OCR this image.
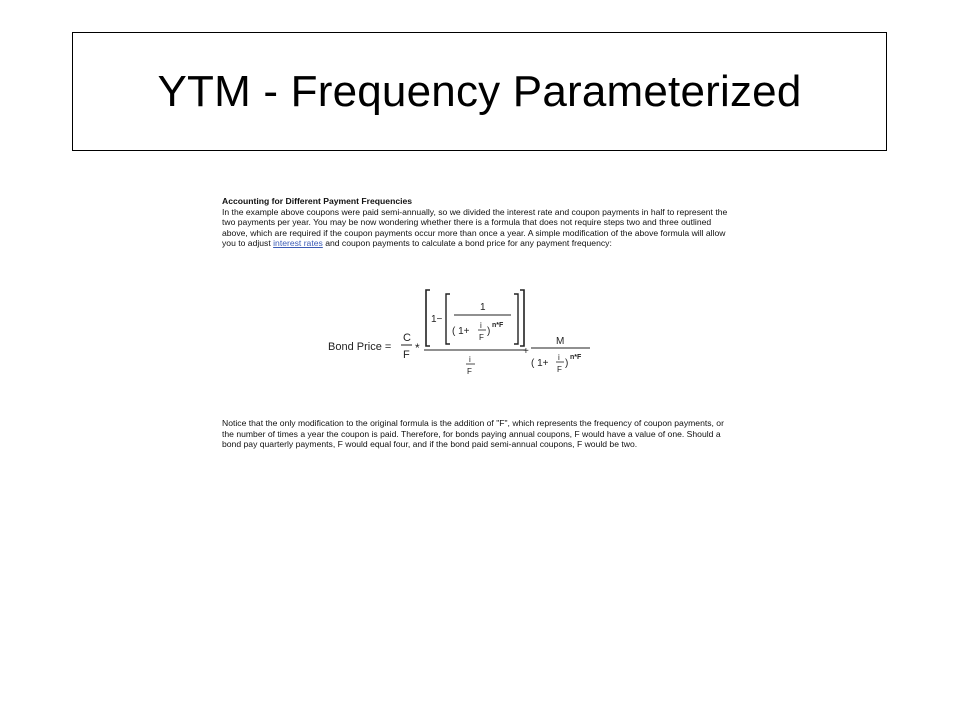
YTM - Frequency Parameterized
Accounting for Different Payment Frequencies
In the example above coupons were paid semi-annually, so we divided the interest rate and coupon payments in half to represent the two payments per year. You may be now wondering whether there is a formula that does not require steps two and three outlined above, which are required if the coupon payments occur more than once a year. A simple modification of the above formula will allow you to adjust interest rates and coupon payments to calculate a bond price for any payment frequency:
Bond Price =
C
F *
1−
1
( 1+
i
F
)
n*F
i
F
+
M
( 1+
i
F
)
n*F
Notice that the only modification to the original formula is the addition of "F", which represents the frequency of coupon payments, or the number of times a year the coupon is paid. Therefore, for bonds paying annual coupons, F would have a value of one. Should a bond pay quarterly payments, F would equal four, and if the bond paid semi-annual coupons, F would be two.
